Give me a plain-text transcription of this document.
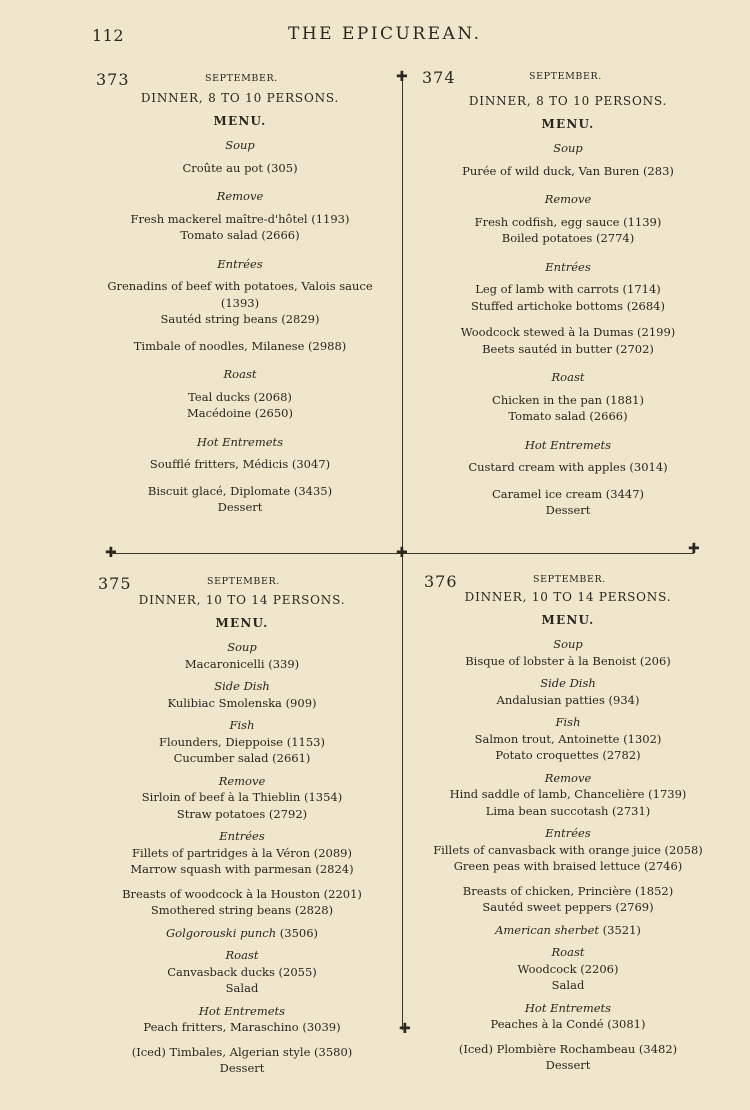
112	THE EPICUREAN.
✚
✚	✚	✚
✚
373	SEPTEMBER.
DINNER, 8 TO 10 PERSONS.
MENU.
Soup
Croûte au pot (305)
Remove
Fresh mackerel maître-d'hôtel (1193)
Tomato salad (2666)
Entrées
Grenadins of beef with potatoes, Valois sauce
(1393)
Sautéd string beans (2829)
Timbale of noodles, Milanese (2988)
Roast
Teal ducks (2068)
Macédoine (2650)
Hot Entremets
Soufflé fritters, Médicis (3047)
Biscuit glacé, Diplomate (3435)
Dessert
374	SEPTEMBER.
DINNER, 8 TO 10 PERSONS.
MENU.
Soup
Purée of wild duck, Van Buren (283)
Remove
Fresh codfish, egg sauce (1139)
Boiled potatoes (2774)
Entrées
Leg of lamb with carrots (1714)
Stuffed artichoke bottoms (2684)
Woodcock stewed à la Dumas (2199)
Beets sautéd in butter (2702)
Roast
Chicken in the pan (1881)
Tomato salad (2666)
Hot Entremets
Custard cream with apples (3014)
Caramel ice cream (3447)
Dessert
375	SEPTEMBER.
DINNER, 10 TO 14 PERSONS.
MENU.
Soup
Macaronicelli (339)
Side Dish
Kulibiac Smolenska (909)
Fish
Flounders, Dieppoise (1153)
Cucumber salad (2661)
Remove
Sirloin of beef à la Thieblin (1354)
Straw potatoes (2792)
Entrées
Fillets of partridges à la Véron (2089)
Marrow squash with parmesan (2824)
Breasts of woodcock à la Houston (2201)
Smothered string beans (2828)
Golgorouski punch (3506)
Roast
Canvasback ducks (2055)
Salad
Hot Entremets
Peach fritters, Maraschino (3039)
(Iced) Timbales, Algerian style (3580)
Dessert
376	SEPTEMBER.
DINNER, 10 TO 14 PERSONS.
MENU.
Soup
Bisque of lobster à la Benoist (206)
Side Dish
Andalusian patties (934)
Fish
Salmon trout, Antoinette (1302)
Potato croquettes (2782)
Remove
Hind saddle of lamb, Chancelière (1739)
Lima bean succotash (2731)
Entrées
Fillets of canvasback with orange juice (2058)
Green peas with braised lettuce (2746)
Breasts of chicken, Princière (1852)
Sautéd sweet peppers (2769)
American sherbet (3521)
Roast
Woodcock (2206)
Salad
Hot Entremets
Peaches à la Condé (3081)
(Iced) Plombière Rochambeau (3482)
Dessert
